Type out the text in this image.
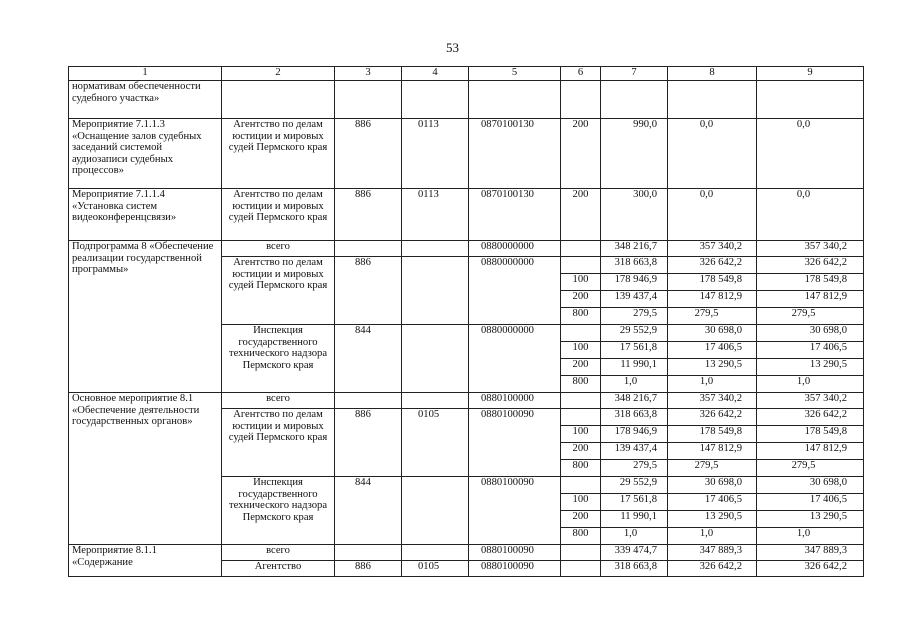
53
1	2	3	4	5	6	7	8	9
нормативам обеспеченности судебного участка»								
Мероприятие 7.1.1.3 «Оснащение залов судебных заседаний системой аудиозаписи судебных процессов»	Агентство по делам юстиции и мировых судей Пермского края	886	0113	0870100130	200	990,0	0,0	0,0
Мероприятие 7.1.1.4 «Установка систем видеоконференцсвязи»	Агентство по делам юстиции и мировых судей Пермского края	886	0113	0870100130	200	300,0	0,0	0,0
Подпрограмма 8 «Обеспечение реализации государственной программы»	всего			0880000000		348 216,7	357 340,2	357 340,2
	Агентство по делам юстиции и мировых судей Пермского края	886		0880000000		318 663,8	326 642,2	326 642,2
					100	178 946,9	178 549,8	178 549,8
					200	139 437,4	147 812,9	147 812,9
					800	279,5	279,5	279,5
	Инспекция государственного технического надзора Пермского края	844		0880000000		29 552,9	30 698,0	30 698,0
					100	17 561,8	17 406,5	17 406,5
					200	11 990,1	13 290,5	13 290,5
					800	1,0	1,0	1,0
Основное мероприятие 8.1 «Обеспечение деятельности государственных органов»	всего			0880100000		348 216,7	357 340,2	357 340,2
	Агентство по делам юстиции и мировых судей Пермского края	886	0105	0880100090		318 663,8	326 642,2	326 642,2
					100	178 946,9	178 549,8	178 549,8
					200	139 437,4	147 812,9	147 812,9
					800	279,5	279,5	279,5
	Инспекция государственного технического надзора Пермского края	844		0880100090		29 552,9	30 698,0	30 698,0
					100	17 561,8	17 406,5	17 406,5
					200	11 990,1	13 290,5	13 290,5
					800	1,0	1,0	1,0
Мероприятие 8.1.1 «Содержание	всего			0880100090		339 474,7	347 889,3	347 889,3
	Агентство	886	0105	0880100090		318 663,8	326 642,2	326 642,2
